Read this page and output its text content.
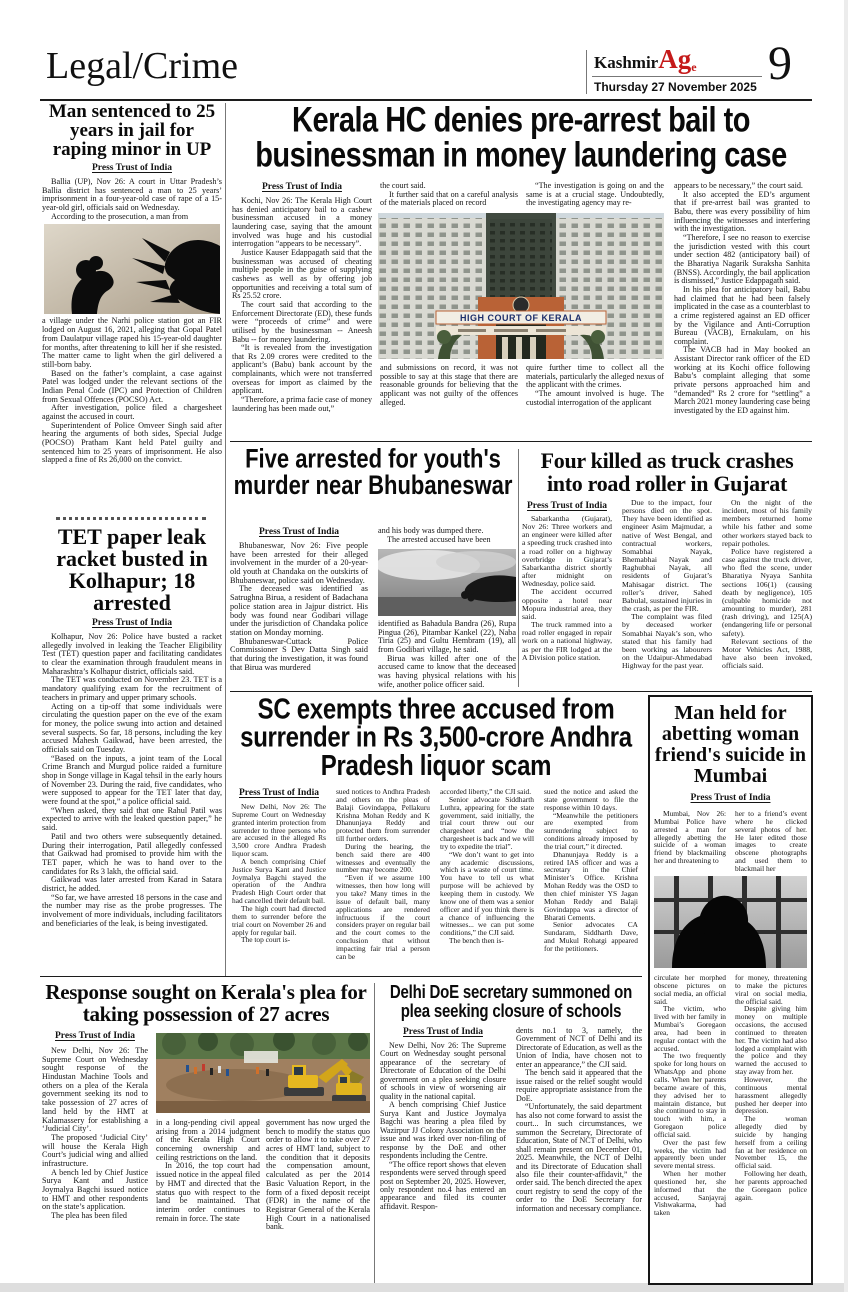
Legal/Crime	KashmirAge
Thursday 27 November 2025 9
Man sentenced to 25 years in jail for raping minor in UP
Press Trust of India

Ballia (UP), Nov 26: A court in Uttar Pradesh’s Ballia district has sentenced a man to 25 years’ imprisonment in a four-year-old case of rape of a 15-year-old girl, officials said on Wednesday.

According to the prosecution, a man from

a village under the Narhi police station got an FIR lodged on August 16, 2021, alleging that Gopal Patel from Daulatpur village raped his 15-year-old daughter for months, after threatening to kill her if she resisted. The matter came to light when the girl delivered a still-born baby.

Based on the father’s complaint, a case against Patel was lodged under the relevant sections of the Indian Penal Code (IPC) and Protection of Children from Sexual Offences (POCSO) Act.

After investigation, police filed a chargesheet against the accused in court.

Superintendent of Police Omveer Singh said after hearing the arguments of both sides, Special Judge (POCSO) Pratham Kant held Patel guilty and sentenced him to 25 years of imprisonment. He also slapped a fine of Rs 26,000 on the convict.

TET paper leak racket busted in Kolhapur; 18 arrested
Press Trust of India

Kolhapur, Nov 26: Police have busted a racket allegedly involved in leaking the Teacher Eligibility Test (TET) question paper and facilitating candidates to clear the examination through fraudulent means in Maharashtra’s Kolhapur district, officials said.

The TET was conducted on November 23. TET is a mandatory qualifying exam for the recruitment of teachers in primary and upper primary schools.

Acting on a tip-off that some individuals were circulating the question paper on the eve of the exam for money, the police swung into action and detained several suspects. So far, 18 persons, including the key accused Mahesh Gaikwad, have been arrested, the officials said on Tuesday.

“Based on the inputs, a joint team of the Local Crime Branch and Murgud police raided a furniture shop in Songe village in Kagal tehsil in the early hours of November 23. During the raid, five candidates, who were supposed to appear for the TET later that day, were found at the spot,” a police official said.

“When asked, they said that one Rahul Patil was expected to arrive with the leaked question paper,” he said.

Patil and two others were subsequently detained. During their interrogation, Patil allegedly confessed that Gaikwad had promised to provide him with the TET paper, which he was to hand over to the candidates for Rs 3 lakh, the official said.

Gaikwad was later arrested from Karad in Satara district, he added.

“So far, we have arrested 18 persons in the case and the number may rise as the probe progresses. The involvement of more individuals, including facilitators and beneficiaries of the leak, is being investigated.

Kerala HC denies pre-arrest bail to businessman in money laundering case
Press Trust of India

Kochi, Nov 26: The Kerala High Court has denied anticipatory bail to a cashew businessman accused in a money laundering case, saying that the amount involved was huge and his custodial interrogation “appears to be necessary”.

Justice Kauser Edappagath said that the businessman was accused of cheating multiple people in the guise of supplying cashews as well as by offering job opportunities and receiving a total sum of Rs 25.52 crore.

The court said that according to the Enforcement Directorate (ED), these funds were “proceeds of crime” and were utilised by the businessman -- Aneesh Babu -- for money laundering.

“It is revealed from the investigation that Rs 2.09 crores were credited to the applicant’s (Babu) bank account by the complainants, which were not transferred overseas for import as claimed by the applicant.

“Therefore, a prima facie case of money laundering has been made out,”

the court said.

It further said that on a careful analysis of the materials placed on record

and submissions on record, it was not possible to say at this stage that there are reasonable grounds for believing that the applicant was not guilty of the offences alleged.

“The investigation is going on and the same is at a crucial stage. Undoubtedly, the investigating agency may re-

quire further time to collect all the materials, particularly the alleged nexus of the applicant with the crimes.

“The amount involved is huge. The custodial interrogation of the applicant

appears to be necessary,” the court said.

It also accepted the ED’s argument that if pre-arrest bail was granted to Babu, there was every possibility of him influencing the witnesses and interfering with the investigation.

“Therefore, I see no reason to exercise the jurisdiction vested with this court under section 482 (anticipatory bail) of the Bharatiya Nagarik Suraksha Sanhita (BNSS). Accordingly, the bail application is dismissed,” Justice Edappagath said.

In his plea for anticipatory bail, Babu had claimed that he had been falsely implicated in the case as a counterblast to a crime registered against an ED officer by the Vigilance and Anti-Corruption Bureau (VACB), Ernakulam, on his complaint.

The VACB had in May booked an Assistant Director rank officer of the ED working at its Kochi office following Babu’s complaint alleging that some private persons approached him and “demanded” Rs 2 crore for “settling” a March 2021 money laundering case being investigated by the ED against him.

HIGH COURT OF KERALA
Five arrested for youth's murder near Bhubaneswar
Press Trust of India

Bhubaneswar, Nov 26: Five people have been arrested for their alleged involvement in the murder of a 20-year-old youth at Chandaka on the outskirts of Bhubaneswar, police said on Wednesday.

The deceased was identified as Satrughna Birua, a resident of Badachana police station area in Jajpur district. His body was found near Godibari village under the jurisdiction of Chandaka police station on Monday morning.

Bhubaneswar-Cuttack Police Commissioner S Dev Datta Singh said that during the investigation, it was found that Birua was murdered

and his body was dumped there.

The arrested accused have been

identified as Bahadula Bandra (26), Rupa Pingua (26), Pitambar Kankel (22), Naba Tiria (25) and Gultu Hembram (19), all from Godibari village, he said.

Birua was killed after one of the accused came to know that the deceased was having physical relations with his wife, another police officer said.

Four killed as truck crashes into road roller in Gujarat
Press Trust of India

Sabarkantha (Gujarat), Nov 26: Three workers and an engineer were killed after a speeding truck crashed into a road roller on a highway overbridge in Gujarat’s Sabarkantha district shortly after midnight on Wednesday, police said.

The accident occurred opposite a hotel near Mopura industrial area, they said.

The truck rammed into a road roller engaged in repair work on a national highway, as per the FIR lodged at the A Division police station.

Due to the impact, four persons died on the spot. They have been identified as engineer Asim Majmudar, a native of West Bengal, and contractual workers, Somabhai Nayak, Bhemabhai Nayak and Raghubhai Nayak, all residents of Gujarat’s Mahisagar district. The roller’s driver, Sahed Babulal, sustained injuries in the crash, as per the FIR.

The complaint was filed by deceased worker Somabhai Nayak’s son, who stated that his family had been working as labourers on the Udaipur-Ahmedabad Highway for the past year.

On the night of the incident, most of his family members returned home while his father and some other workers stayed back to repair potholes.

Police have registered a case against the truck driver, who fled the scene, under Bharatiya Nyaya Sanhita sections 106(1) (causing death by negligence), 105 (culpable homicide not amounting to murder), 281 (rash driving), and 125(A) (endangering life or personal safety).

Relevant sections of the Motor Vehicles Act, 1988, have also been invoked, officials said.

SC exempts three accused from surrender in Rs 3,500-crore Andhra Pradesh liquor scam
Press Trust of India

New Delhi, Nov 26: The Supreme Court on Wednesday granted interim protection from surrender to three persons who are accused in the alleged Rs 3,500 crore Andhra Pradesh liquor scam.

A bench comprising Chief Justice Surya Kant and Justice Joymalya Bagchi stayed the operation of the Andhra Pradesh High Court order that had cancelled their default bail.

The high court had directed them to surrender before the trial court on November 26 and apply for regular bail.

The top court is-

sued notices to Andhra Pradesh and others on the pleas of Balaji Govindappa, Pellakuru Krishna Mohan Reddy and K Dhanunjaya Reddy and protected them from surrender till further orders.

During the hearing, the bench said there are 400 witnesses and eventually the number may become 200.

“Even if we assume 100 witnesses, then how long will you take? Many times in the issue of default bail, many applications are rendered infructuous if the court considers prayer on regular bail and the court comes to the conclusion that without impacting fair trial a person can be

accorded liberty,” the CJI said.

Senior advocate Siddharth Luthra, appearing for the state government, said initially, the trial court threw out our chargesheet and “now the chargesheet is back and we will try to expedite the trial”.

“We don’t want to get into any academic discussions, which is a waste of court time. You have to tell us what purpose will be achieved by keeping them in custody. We know one of them was a senior officer and if you think there is a chance of influencing the witnesses... we can put some conditions,” the CJI said.

The bench then is-

sued the notice and asked the state government to file the response within 10 days.

“Meanwhile the petitioners are exempted from surrendering subject to conditions already imposed by the trial court,” it directed.

Dhanunjaya Reddy is a retired IAS officer and was a secretary in the Chief Minister’s Office. Krishna Mohan Reddy was the OSD to then chief minister YS Jagan Mohan Reddy and Balaji Govindappa was a director of Bharati Cements.

Senior advocates CA Sundaram, Siddharth Dave, and Mukul Rohatgi appeared for the petitioners.

Man held for abetting woman friend's suicide in Mumbai
Press Trust of India

Mumbai, Nov 26: Mumbai Police have arrested a man for allegedly abetting the suicide of a woman friend by blackmailing her and threatening to

her to a friend’s event where he clicked several photos of her. He later edited those images to create obscene photographs and used them to blackmail her

circulate her morphed obscene pictures on social media, an official said.

The victim, who lived with her family in Mumbai’s Goregaon area, had been in regular contact with the accused.

The two frequently spoke for long hours on WhatsApp and phone calls. When her parents became aware of this, they advised her to maintain distance, but she continued to stay in touch with him, a Goregaon police official said.

Over the past few weeks, the victim had apparently been under severe mental stress.

When her mother questioned her, she informed that the accused, Sanjayraj Vishwakarma, had taken

for money, threatening to make the pictures viral on social media, the official said.

Despite giving him money on multiple occasions, the accused continued to threaten her. The victim had also lodged a complaint with the police and they warned the accused to stay away from her.

However, the continuous mental harassment allegedly pushed her deeper into depression.

The woman allegedly died by suicide by hanging herself from a ceiling fan at her residence on November 15, the official said.

Following her death, her parents approached the Goregaon police again.

Response sought on Kerala's plea for taking possession of 27 acres
Press Trust of India

New Delhi, Nov 26: The Supreme Court on Wednesday sought response of the Hindustan Machine Tools and others on a plea of the Kerala government seeking its nod to take possession of 27 acres of land held by the HMT at Kalamassery for establishing a ‘Judicial City’.

The proposed ‘Judicial City’ will house the Kerala High Court’s judicial wing and allied infrastructure.

A bench led by Chief Justice Surya Kant and Justice Joymalya Bagchi issued notice to HMT and other respondents on the state’s application.

The plea has been filed

in a long-pending civil appeal arising from a 2014 judgment of the Kerala High Court concerning ownership and ceiling restrictions on the land.

In 2016, the top court had issued notice in the appeal filed by HMT and directed that the status quo with respect to the land be maintained. That interim order continues to remain in force. The state

government has now urged the bench to modify the status quo order to allow it to take over 27 acres of HMT land, subject to the condition that it deposits the compensation amount, calculated as per the 2014 Basic Valuation Report, in the form of a fixed deposit receipt (FDR) in the name of the Registrar General of the Kerala High Court in a nationalised bank.

Delhi DoE secretary summoned on plea seeking closure of schools
Press Trust of India

New Delhi, Nov 26: The Supreme Court on Wednesday sought personal appearance of the secretary of Directorate of Education of the Delhi government on a plea seeking closure of schools in view of worsening air quality in the national capital.

A bench comprising Chief Justice Surya Kant and Justice Joymalya Bagchi was hearing a plea filed by Wazirpur JJ Colony Association on the issue and was irked over non-filing of response by the DoE and other respondents including the Centre.

“The office report shows that eleven respondents were served through speed post on September 20, 2025. However, only respondent no.4 has entered an appearance and filed its counter affidavit. Respon-

dents no.1 to 3, namely, the Government of NCT of Delhi and its Directorate of Education, as well as the Union of India, have chosen not to enter an appearance,” the CJI said.

The bench said it appeared that the issue raised or the relief sought would require appropriate assistance from the DoE.

“Unfortunately, the said department has also not come forward to assist the court... In such circumstances, we summon the Secretary, Directorate of Education, State of NCT of Delhi, who shall remain present on December 01, 2025. Meanwhile, the NCT of Delhi and its Directorate of Education shall also file their counter-affidavit,” the order said. The bench directed the apex court registry to send the copy of the order to the DoE Secretary for information and necessary compliance.
